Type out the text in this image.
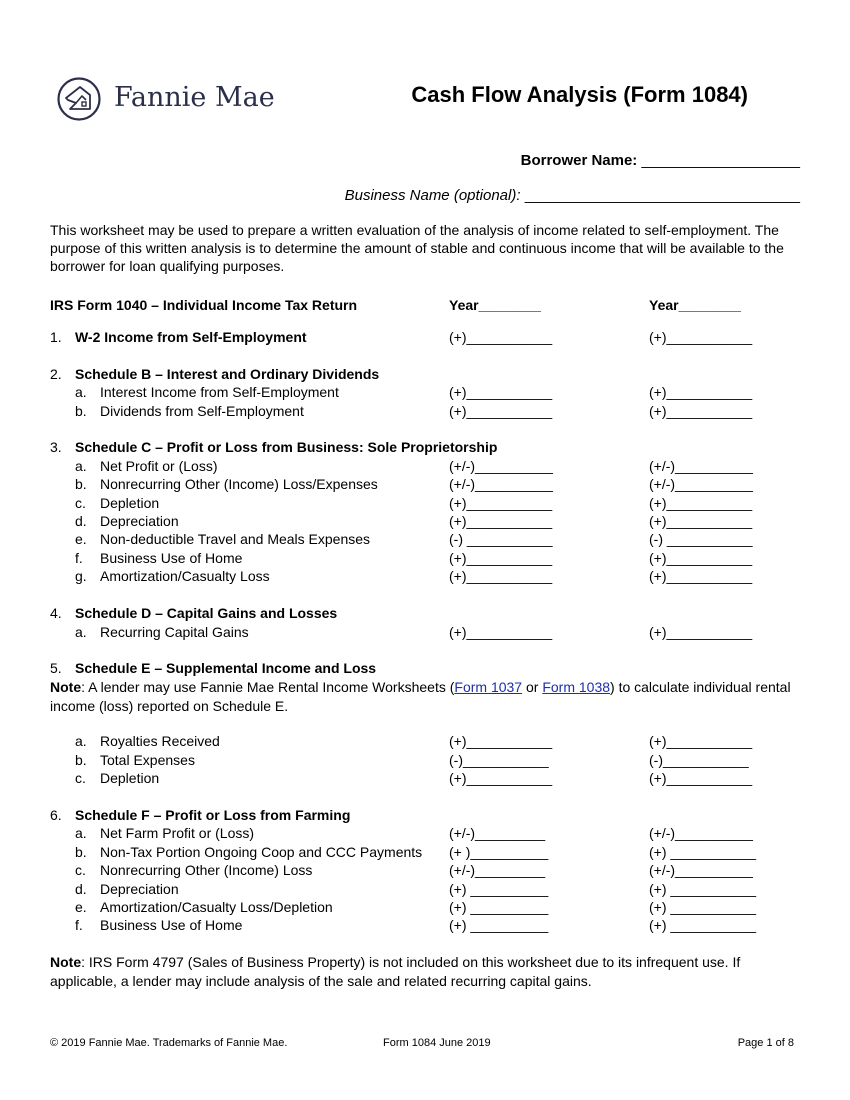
Fannie Mae	Cash Flow Analysis (Form 1084)
Borrower Name: ___________________
Business Name (optional): _________________________________
This worksheet may be used to prepare a written evaluation of the analysis of income related to self-employment. The purpose of this written analysis is to determine the amount of stable and continuous income that will be available to the borrower for loan qualifying purposes.
IRS Form 1040 – Individual Income Tax Return	Year________	Year________
1. W-2 Income from Self-Employment	(+)___________	(+)___________
2. Schedule B – Interest and Ordinary Dividends
a. Interest Income from Self-Employment	(+)___________	(+)___________
b. Dividends from Self-Employment	(+)___________	(+)___________
3. Schedule C – Profit or Loss from Business: Sole Proprietorship
a. Net Profit or (Loss)	(+/-)__________	(+/-)__________
b. Nonrecurring Other (Income) Loss/Expenses	(+/-)__________	(+/-)__________
c. Depletion	(+)___________	(+)___________
d. Depreciation	(+)___________	(+)___________
e. Non-deductible Travel and Meals Expenses	(-) ___________	(-) ___________
f. Business Use of Home	(+)___________	(+)___________
g. Amortization/Casualty Loss	(+)___________	(+)___________
4. Schedule D – Capital Gains and Losses
a. Recurring Capital Gains	(+)___________	(+)___________
5. Schedule E – Supplemental Income and Loss
Note: A lender may use Fannie Mae Rental Income Worksheets (Form 1037 or Form 1038) to calculate individual rental income (loss) reported on Schedule E.
a. Royalties Received	(+)___________	(+)___________
b. Total Expenses	(-)___________	(-)___________
c. Depletion	(+)___________	(+)___________
6. Schedule F – Profit or Loss from Farming
a. Net Farm Profit or (Loss)	(+/-)_________	(+/-)__________
b. Non-Tax Portion Ongoing Coop and CCC Payments (+ )__________	(+) ___________
c. Nonrecurring Other (Income) Loss	(+/-)_________	(+/-)__________
d. Depreciation	(+) __________	(+) ___________
e. Amortization/Casualty Loss/Depletion	(+) __________	(+) ___________
f. Business Use of Home	(+) __________	(+) ___________
Note: IRS Form 4797 (Sales of Business Property) is not included on this worksheet due to its infrequent use. If applicable, a lender may include analysis of the sale and related recurring capital gains.
© 2019 Fannie Mae. Trademarks of Fannie Mae.	Form 1084 June 2019	Page 1 of 8
